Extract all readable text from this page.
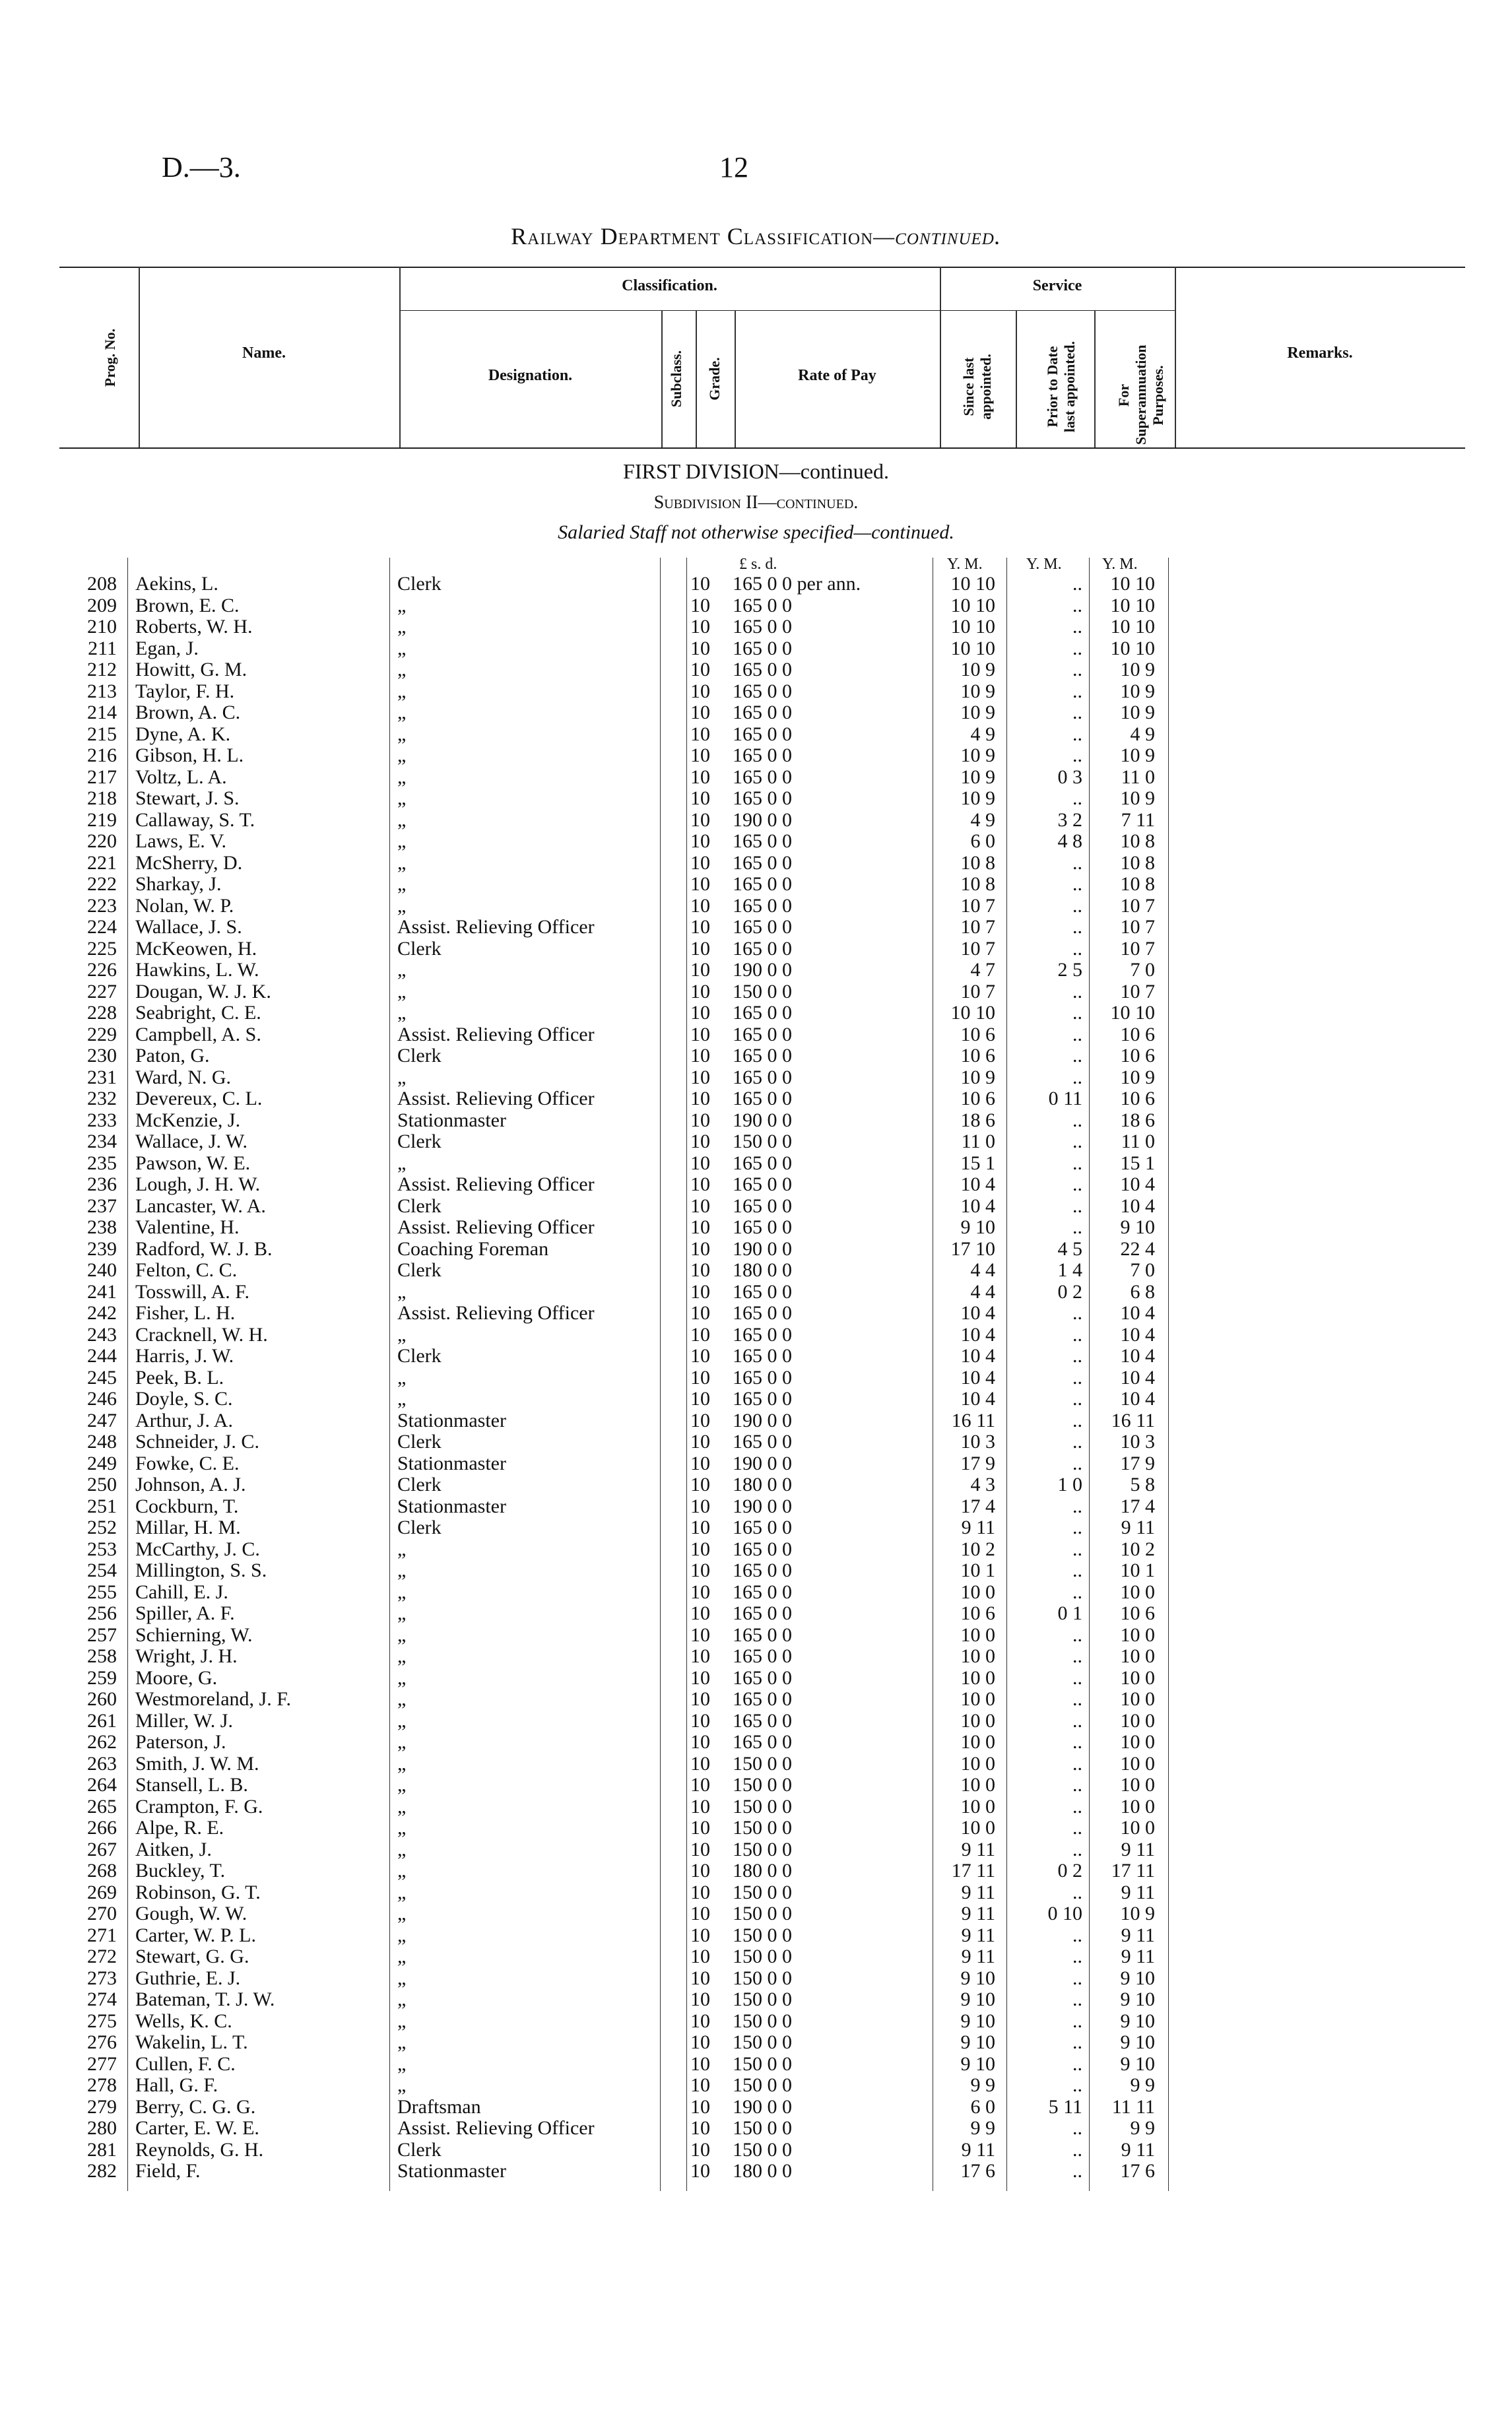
D.—3.	12
Railway Department Classification—continued.
Prog. No.	Name.
Classification.
Designation.	Subclass. Grade.	Rate of Pay
Service
Since last appointed.	Prior to Date last appointed.	For Superannuation Purposes.
Remarks.
FIRST DIVISION—continued.
Subdivision II—continued.
Salaried Staff not otherwise specified—continued.
£ s. d.	Y. M.	Y. M.	Y. M.
208 Aekins, L.	Clerk	10 165 0 0 per ann.	10 10	..	10 10
209 Brown, E. C.	„	10 165 0 0	10 10	..	10 10
210 Roberts, W. H.	„	10 165 0 0	10 10	..	10 10
211 Egan, J.	„	10 165 0 0	10 10	..	10 10
212 Howitt, G. M.	„	10 165 0 0	10 9	..	10 9
213 Taylor, F. H.	„	10 165 0 0	10 9	..	10 9
214 Brown, A. C.	„	10 165 0 0	10 9	..	10 9
215 Dyne, A. K.	„	10 165 0 0	4 9	..	4 9
216 Gibson, H. L.	„	10 165 0 0	10 9	..	10 9
217 Voltz, L. A.	„	10 165 0 0	10 9	0 3	11 0
218 Stewart, J. S.	„	10 165 0 0	10 9	..	10 9
219 Callaway, S. T.	„	10 190 0 0	4 9	3 2	7 11
220 Laws, E. V.	„	10 165 0 0	6 0	4 8	10 8
221 McSherry, D.	„	10 165 0 0	10 8	..	10 8
222 Sharkay, J.	„	10 165 0 0	10 8	..	10 8
223 Nolan, W. P.	„	10 165 0 0	10 7	..	10 7
224 Wallace, J. S.	Assist. Relieving Officer	10 165 0 0	10 7	..	10 7
225 McKeowen, H.	Clerk	10 165 0 0	10 7	..	10 7
226 Hawkins, L. W.	„	10 190 0 0	4 7	2 5	7 0
227 Dougan, W. J. K.	„	10 150 0 0	10 7	..	10 7
228 Seabright, C. E.	„	10 165 0 0	10 10	..	10 10
229 Campbell, A. S.	Assist. Relieving Officer	10 165 0 0	10 6	..	10 6
230 Paton, G.	Clerk	10 165 0 0	10 6	..	10 6
231 Ward, N. G.	„	10 165 0 0	10 9	..	10 9
232 Devereux, C. L.	Assist. Relieving Officer	10 165 0 0	10 6	0 11	10 6
233 McKenzie, J.	Stationmaster	10 190 0 0	18 6	..	18 6
234 Wallace, J. W.	Clerk	10 150 0 0	11 0	..	11 0
235 Pawson, W. E.	„	10 165 0 0	15 1	..	15 1
236 Lough, J. H. W.	Assist. Relieving Officer	10 165 0 0	10 4	..	10 4
237 Lancaster, W. A.	Clerk	10 165 0 0	10 4	..	10 4
238 Valentine, H.	Assist. Relieving Officer	10 165 0 0	9 10	..	9 10
239 Radford, W. J. B.	Coaching Foreman	10 190 0 0	17 10	4 5	22 4
240 Felton, C. C.	Clerk	10 180 0 0	4 4	1 4	7 0
241 Tosswill, A. F.	„	10 165 0 0	4 4	0 2	6 8
242 Fisher, L. H.	Assist. Relieving Officer	10 165 0 0	10 4	..	10 4
243 Cracknell, W. H.	„	10 165 0 0	10 4	..	10 4
244 Harris, J. W.	Clerk	10 165 0 0	10 4	..	10 4
245 Peek, B. L.	„	10 165 0 0	10 4	..	10 4
246 Doyle, S. C.	„	10 165 0 0	10 4	..	10 4
247 Arthur, J. A.	Stationmaster	10 190 0 0	16 11	..	16 11
248 Schneider, J. C.	Clerk	10 165 0 0	10 3	..	10 3
249 Fowke, C. E.	Stationmaster	10 190 0 0	17 9	..	17 9
250 Johnson, A. J.	Clerk	10 180 0 0	4 3	1 0	5 8
251 Cockburn, T.	Stationmaster	10 190 0 0	17 4	..	17 4
252 Millar, H. M.	Clerk	10 165 0 0	9 11	..	9 11
253 McCarthy, J. C.	„	10 165 0 0	10 2	..	10 2
254 Millington, S. S.	„	10 165 0 0	10 1	..	10 1
255 Cahill, E. J.	„	10 165 0 0	10 0	..	10 0
256 Spiller, A. F.	„	10 165 0 0	10 6	0 1	10 6
257 Schierning, W.	„	10 165 0 0	10 0	..	10 0
258 Wright, J. H.	„	10 165 0 0	10 0	..	10 0
259 Moore, G.	„	10 165 0 0	10 0	..	10 0
260 Westmoreland, J. F.	„	10 165 0 0	10 0	..	10 0
261 Miller, W. J.	„	10 165 0 0	10 0	..	10 0
262 Paterson, J.	„	10 165 0 0	10 0	..	10 0
263 Smith, J. W. M.	„	10 150 0 0	10 0	..	10 0
264 Stansell, L. B.	„	10 150 0 0	10 0	..	10 0
265 Crampton, F. G.	„	10 150 0 0	10 0	..	10 0
266 Alpe, R. E.	„	10 150 0 0	10 0	..	10 0
267 Aitken, J.	„	10 150 0 0	9 11	..	9 11
268 Buckley, T.	„	10 180 0 0	17 11	0 2	17 11
269 Robinson, G. T.	„	10 150 0 0	9 11	..	9 11
270 Gough, W. W.	„	10 150 0 0	9 11	0 10	10 9
271 Carter, W. P. L.	„	10 150 0 0	9 11	..	9 11
272 Stewart, G. G.	„	10 150 0 0	9 11	..	9 11
273 Guthrie, E. J.	„	10 150 0 0	9 10	..	9 10
274 Bateman, T. J. W.	„	10 150 0 0	9 10	..	9 10
275 Wells, K. C.	„	10 150 0 0	9 10	..	9 10
276 Wakelin, L. T.	„	10 150 0 0	9 10	..	9 10
277 Cullen, F. C.	„	10 150 0 0	9 10	..	9 10
278 Hall, G. F.	„	10 150 0 0	9 9	..	9 9
279 Berry, C. G. G.	Draftsman	10 190 0 0	6 0	5 11	11 11
280 Carter, E. W. E.	Assist. Relieving Officer	10 150 0 0	9 9	..	9 9
281 Reynolds, G. H.	Clerk	10 150 0 0	9 11	..	9 11
282 Field, F.	Stationmaster	10 180 0 0	17 6	..	17 6
